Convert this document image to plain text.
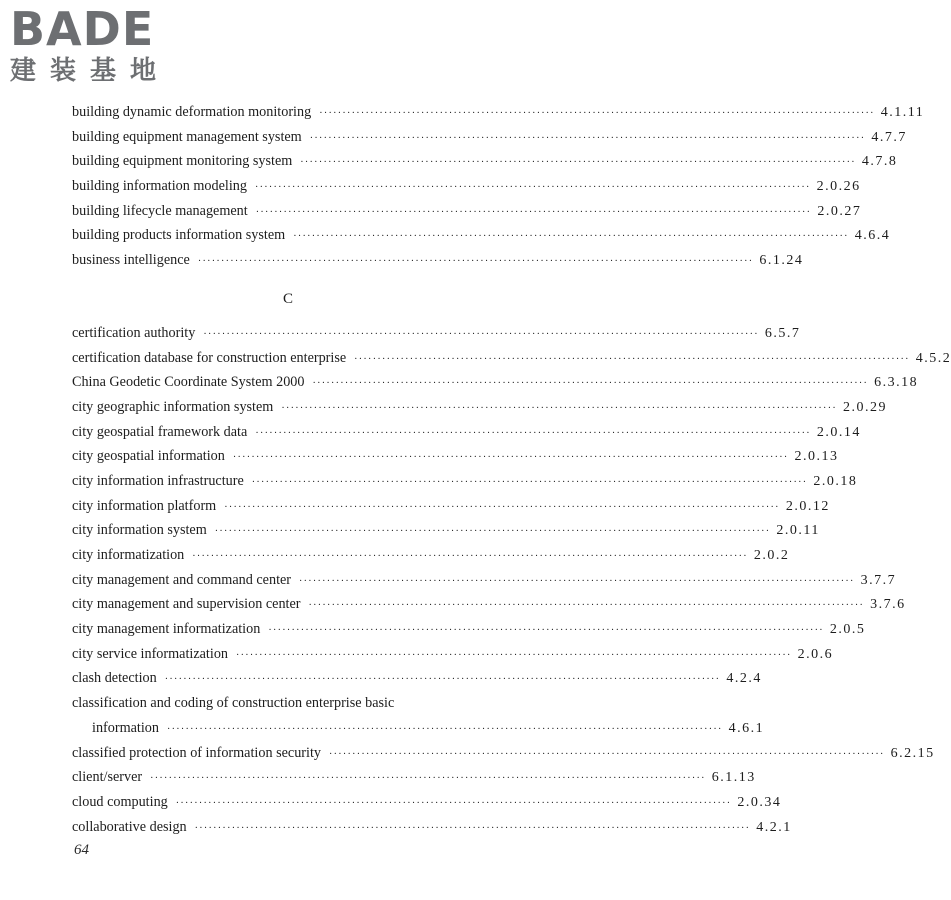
BADE
建装基地
building dynamic deformation monitoring ························································································································ 4.1.11
building equipment management system ························································································································ 4.7.7
building equipment monitoring system ························································································································ 4.7.8
building information modeling ························································································································ 2.0.26
building lifecycle management ························································································································ 2.0.27
building products information system ························································································································ 4.6.4
business intelligence ························································································································ 6.1.24
C
certification authority ························································································································ 6.5.7
certification database for construction enterprise ························································································································ 4.5.2
China Geodetic Coordinate System 2000 ························································································································ 6.3.18
city geographic information system ························································································································ 2.0.29
city geospatial framework data ························································································································ 2.0.14
city geospatial information ························································································································ 2.0.13
city information infrastructure ························································································································ 2.0.18
city information platform ························································································································ 2.0.12
city information system ························································································································ 2.0.11
city informatization ························································································································ 2.0.2
city management and command center ························································································································ 3.7.7
city management and supervision center ························································································································ 3.7.6
city management informatization ························································································································ 2.0.5
city service informatization ························································································································ 2.0.6
clash detection ························································································································ 4.2.4
classification and coding of construction enterprise basic
information ························································································································ 4.6.1
classified protection of information security ························································································································ 6.2.15
client/server ························································································································ 6.1.13
cloud computing ························································································································ 2.0.34
collaborative design ························································································································ 4.2.1
64
